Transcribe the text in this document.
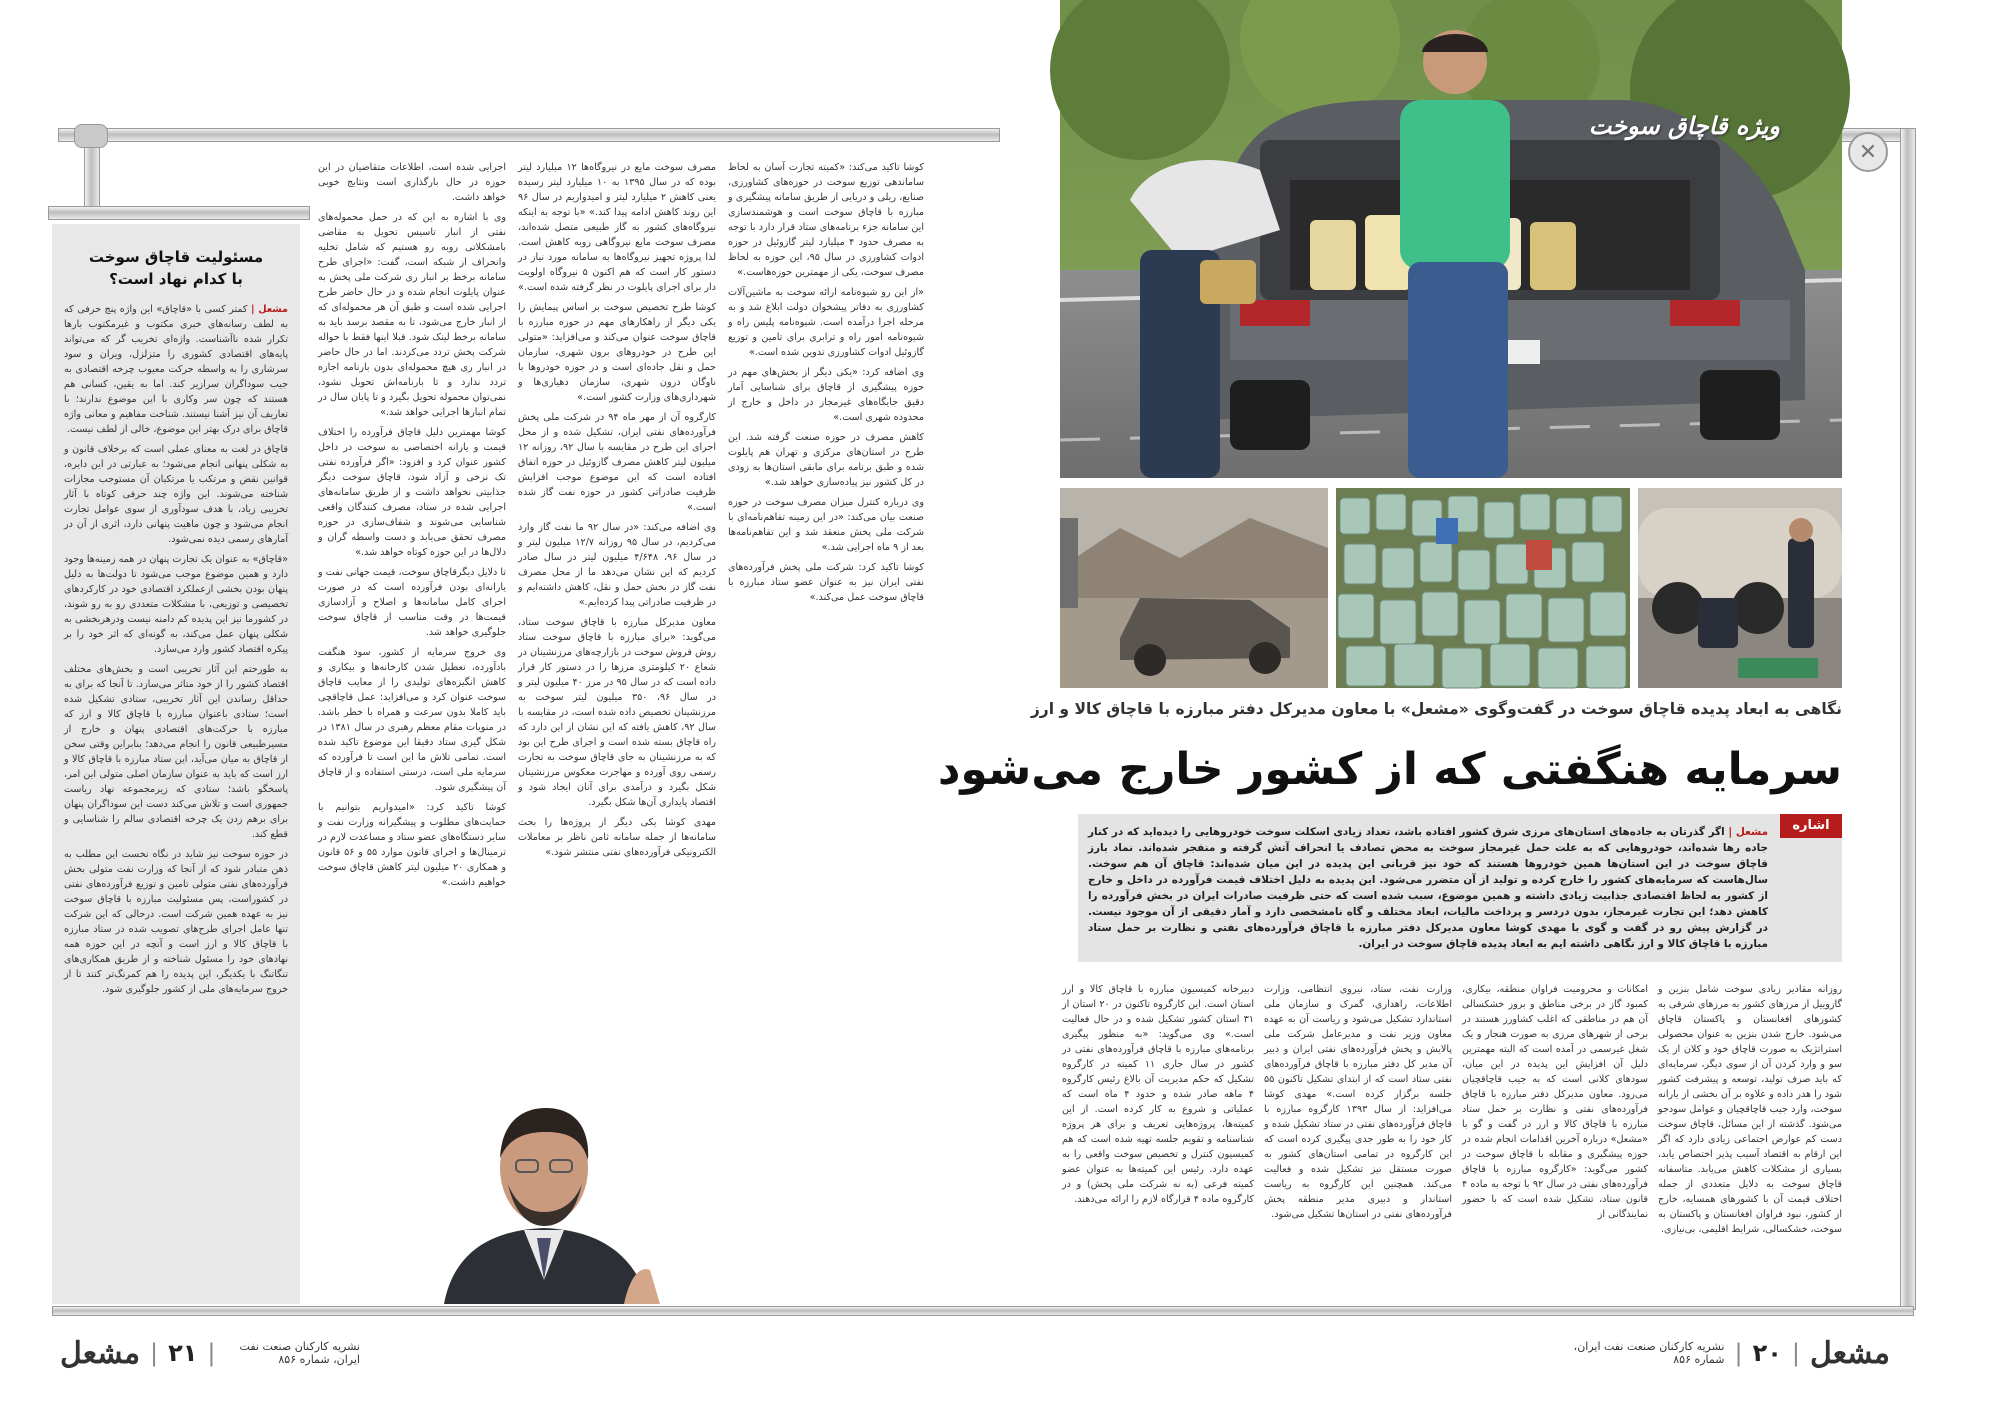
مسئولیت قاچاق سوخت
با کدام نهاد است؟

مشعل | کمتر کسی با «قاچاق» این واژه پنج حرفی که به لطف رسانه‌های خبری مکتوب و غیرمکتوب بارها تکرار شده ناآشناست. واژه‌ای تخریب گر که می‌تواند پایه‌های اقتصادی کشوری را متزلزل، ویران و سود سرشاری را به واسطه حرکت معیوب چرخه اقتصادی به جیب سوداگران سرازیر کند. اما به یقین، کسانی هم هستند که چون سر وکاری با این موضوع ندارند؛ با تعاریف آن نیز آشنا نیستند. شناخت مفاهیم و معانی واژه قاچاق برای درک بهتر این موضوع، خالی از لطف نیست.

قاچاق در لغت به معنای عملی است که برخلاف قانون و به شکلی پنهانی انجام می‌شود؛ به عبارتی در این دایره، قوانین نقض و مرتکب یا مرتکبان آن مستوجب مجازات شناخته می‌شوند. این واژه چند حرفی کوتاه با آثار تخریبی زیاد، با هدف سودآوری از سوی عوامل تجارت انجام می‌شود و چون ماهیت پنهانی دارد، اثری از آن در آمارهای رسمی دیده نمی‌شود.

«قاچاق» به عنوان یک تجارت پنهان در همه زمینه‌ها وجود دارد و همین موضوع موجب می‌شود تا دولت‌ها به دلیل پنهان بودن بخشی ازعملکرد اقتصادی خود در کارکردهای تخصیصی و توزیعی، با مشکلات متعددی رو به رو شوند، در کشورما نیز این پدیده کم دامنه نیست ودرهربخشی به شکلی پنهان عمل می‌کند، به گونه‌ای که اثر خود را بر پیکره اقتصاد کشور وارد می‌سازد.

به طورحتم این آثار تخریبی است و بخش‌های مختلف اقتصاد کشور را از خود متاثر می‌سازد. تا آنجا که برای به حداقل رساندن این آثار تخریبی، ستادی تشکیل شده است؛ ستادی باعنوان مبارزه با قاچاق کالا و ارز که مبارزه با حرکت‌های اقتصادی پنهان و خارج از مسیرطبیعی قانون را انجام می‌دهد؛ بنابراین وقتی سخن از قاچاق به میان می‌آید، این ستاد مبارزه با قاچاق کالا و ارز است که باید به عنوان سازمان اصلی متولی این امر، پاسخگو باشد؛ ستادی که زیرمجموعه نهاد ریاست جمهوری است و تلاش می‌کند دست این سوداگران پنهان برای برهم زدن یک چرخه اقتصادی سالم را شناسایی و قطع کند.

در حوزه سوخت نیز شاید در نگاه نخست این مطلب به ذهن متبادر شود که از آنجا که وزارت نفت متولی بخش فرآورده‌های نفتی متولی تامین و توزیع فرآورده‌های نفتی در کشوراست، پس مسئولیت مبارزه با قاچاق سوخت نیز به عهده همین شرکت است. درحالی که این شرکت تنها عامل اجرای طرح‌های تصویب شده در ستاد مبارزه با قاچاق کالا و ارز است و آنچه در این حوزه همه نهادهای خود را مسئول شناخته و از طریق همکاری‌های تنگاتنگ با یکدیگر، این پدیده را هم کمرنگ‌تر کنند تا از خروج سرمایه‌های ملی از کشور جلوگیری شود.

اجرایی شده است، اطلاعات متقاضیان در این حوزه در حال بارگذاری است ونتایج خوبی خواهد داشت.

وی با اشاره به این که در حمل محموله‌های نفتی از انبار تاسیس تحویل به مقاضی بامشکلاتی روبه رو هستیم که شامل تخلیه وانحراف از شبکه است، گفت: «اجرای طرح سامانه برخط بر انبار ری شرکت ملی پخش به عنوان پایلوت انجام شده و در حال حاضر طرح اجرایی شده است و طبق آن هر محموله‌ای که از انبار خارج می‌شود، تا به مقصد برسد باید به سامانه برخط لینک شود. قبلا اینها فقط با حواله شرکت پخش تردد می‌کردند. اما در حال حاضر در انبار ری هیچ محموله‌ای بدون بارنامه اجازه تردد ندارد و تا بارنامه‌اش تحویل نشود، نمی‌توان محموله تحویل بگیرد و تا پایان سال در تمام انبارها اجرایی خواهد شد.»

کوشا مهمترین دلیل قاچاق فرآورده را اختلاف قیمت و یارانه اختصاصی به سوخت در داخل کشور عنوان کرد و افزود: «اگر فرآورده نفتی تک نرخی و آزاد شود، قاچاق سوخت دیگر جذابیتی نخواهد داشت و از طریق سامانه‌های اجرایی شده در ستاد، مصرف کنندگان واقعی شناسایی می‌شوند و شفاف‌سازی در حوزه مصرف تحقق می‌یابد و دست واسطه گران و دلال‌ها در این حوزه کوتاه خواهد شد.»

تا دلایل دیگرقاچاق سوخت، قیمت جهانی نفت و یارانه‌ای بودن فرآورده است که در صورت اجرای کامل سامانه‌ها و اصلاح و آزادسازی قیمت‌ها در وقت مناسب از قاچاق سوخت جلوگیری خواهد شد.

وی خروج سرمایه از کشور، سود هنگفت بادآورده، تعطیل شدن کارخانه‌ها و بیکاری و کاهش انگیزه‌های تولیدی را از معایب قاچاق سوخت عنوان کرد و می‌افزاید: عمل قاچاقچی باید کاملا بدون سرعت و همراه با خطر باشد. در منویات مقام معظم رهبری در سال ۱۳۸۱ در شکل گیری ستاد دقیقا این موضوع تاکید شده است. تمامی تلاش ما این است تا فرآورده که سرمایه ملی است، درستی استفاده و از قاچاق آن پیشگیری شود.

کوشا تاکید کرد: «امیدواریم بتوانیم با حمایت‌های مطلوب و پیشگیرانه وزارت نفت و سایر دستگاه‌های عضو ستاد و مساعدت لازم در ترمینال‌ها و اجرای قانون موارد ۵۵ و ۵۶ قانون و همکاری ۲۰ میلیون لیتر کاهش قاچاق سوخت خواهیم داشت.»

مصرف سوخت مایع در نیروگاه‌ها ۱۲ میلیارد لیتر بوده که در سال ۱۳۹۵ به ۱۰ میلیارد لیتر رسیده یعنی کاهش ۲ میلیارد لیتر و امیدواریم در سال ۹۶ این روند کاهش ادامه پیدا کند.» «با توجه به اینکه نیروگاه‌های کشور به گاز طبیعی متصل شده‌اند، مصرف سوخت مایع نیروگاهی روبه کاهش است. لذا پروژه تجهیز نیروگاه‌ها به سامانه مورد نیاز در دستور کار است که هم اکنون ۵ نیروگاه اولویت دار برای اجرای پایلوت در نظر گرفته شده است.»

کوشا طرح تخصیص سوخت بر اساس پیمایش را یکی دیگر از راهکارهای مهم در حوزه مبارزه با قاچاق سوخت عنوان می‌کند و می‌افزاید: «متولی این طرح در خودروهای برون شهری، سازمان حمل و نقل جاده‌ای است و در حوزه خودروها با ناوگان درون شهری، سازمان دهیاری‌ها و شهرداری‌های وزارت کشور است.»

کارگروه آن از مهر ماه ۹۴ در شرکت ملی پخش فرآورده‌های نفتی ایران، تشکیل شده و از محل اجرای این طرح در مقایسه با سال ۹۲، روزانه ۱۲ میلیون لیتر کاهش مصرف گازوئیل در حوزه اتفاق افتاده است که این موضوع موجب افزایش ظرفیت صادراتی کشور در حوزه نفت گاز شده است.»

وی اضافه می‌کند: «در سال ۹۲ ما نفت گاز وارد می‌کردیم، در سال ۹۵ روزانه ۱۲/۷ میلیون لیتر و در سال ۹۶، ۴/۶۴۸ میلیون لیتر در سال صادر کردیم که این نشان می‌دهد ما از محل مصرف نفت گاز در بخش حمل و نقل، کاهش داشته‌ایم و در ظرفیت صادراتی پیدا کرده‌ایم.»

معاون مدیرکل مبارزه با قاچاق سوخت ستاد، می‌گوید: «برای مبارزه با قاچاق سوخت ستاد روش فروش سوخت در بازارچه‌های مرزنشینان در شعاع ۲۰ کیلومتری مرزها را در دستور کار قرار داده است که در سال ۹۵ در مرز ۴۰ میلیون لیتر و در سال ۹۶، ۳۵۰ میلیون لیتر سوخت به مرزنشینان تخصیص داده شده است، در مقایسه با سال ۹۲، کاهش یافته که این نشان از این دارد که راه قاچاق بسته شده است و اجرای طرح این بود که به مرزنشینان به جای قاچاق سوخت به تجارت رسمی روی آورده و مهاجرت معکوس مرزنشینان شکل بگیرد و درآمدی برای آنان ایجاد شود و اقتصاد پایداری آن‌ها شکل بگیرد.

مهدی کوشا یکی دیگر از پروژه‌ها را بحث سامانه‌ها از جمله سامانه ثامن ناظر بر معاملات الکترونیکی فرآورده‌های نفتی منتشر شود.»

کوشا تاکید می‌کند: «کمیته تجارت آسان به لحاظ ساماندهی توزیع سوخت در حوزه‌های کشاورزی، صنایع، ریلی و دریایی از طریق سامانه پیشگیری و مبارزه با قاچاق سوخت است و هوشمندسازی این سامانه جزء برنامه‌های ستاد قرار دارد با توجه به مصرف حدود ۴ میلیارد لیتر گازوئیل در حوزه ادوات کشاورزی در سال ۹۵، این حوزه به لحاظ مصرف سوخت، یکی از مهمترین حوزه‌هاست.»

«از این رو شیوه‌نامه ارائه سوخت به ماشین‌آلات کشاورزی به دفاتر پیشخوان دولت ابلاغ شد و به مرحله اجرا درآمده است. شیوه‌نامه پلیس راه و شیوه‌نامه امور راه و ترابری برای تامین و توزیع گازوئیل ادوات کشاورزی تدوین شده است.»

وی اضافه کرد: «یکی دیگر از بخش‌های مهم در حوزه پیشگیری از قاچاق برای شناسایی آمار دقیق جایگاه‌های غیرمجاز در داخل و خارج از محدوده شهری است.»

کاهش مصرف در حوزه صنعت گرفته شد. این طرح در استان‌های مرکزی و تهران هم پایلوت شده و طبق برنامه برای مابقی استان‌ها به زودی در کل کشور نیز پیاده‌سازی خواهد شد.»

وی درباره کنترل میزان مصرف سوخت در حوزه صنعت بیان می‌کند: «در این زمینه تفاهم‌نامه‌ای با شرکت ملی پخش منعقد شد و این تفاهم‌نامه‌ها بعد از ۹ ماه اجرایی شد.»

کوشا تاکید کرد: شرکت ملی پخش فرآورده‌های نفتی ایران نیز به عنوان عضو ستاد مبارزه با قاچاق سوخت عمل می‌کند.»

مشعل | ۲۱ |	نشریه کارکنان صنعت نفت ایران، شماره ۸۵۶
✕
ویژه قاچاق سوخت
نگاهی به ابعاد پدیده قاچاق سوخت در گفت‌وگوی «مشعل» با معاون مدیرکل دفتر مبارزه با قاچاق کالا و ارز
سرمایه هنگفتی که از کشور خارج می‌شود
اشاره
مشعل | اگر گذرتان به جاده‌های استان‌های مرزی شرق کشور افتاده باشد، تعداد زیادی اسکلت سوخت خودروهایی را دیده‌اید که در کنار جاده رها شده‌اند، خودروهایی که به علت حمل غیرمجاز سوخت به محض تصادف یا انحراف آتش گرفته و منفجر شده‌اند. نماد بارز قاچاق سوخت در این استان‌ها همین خودروها هستند که خود نیز قربانی این پدیده در این میان شده‌اند: قاچاق آن هم سوخت. سال‌هاست که سرمایه‌های کشور را خارج کرده و تولید از آن متضرر می‌شود. این پدیده به دلیل اختلاف قیمت فرآورده در داخل و خارج از کشور به لحاظ اقتصادی جذابیت زیادی داشته و همین موضوع، سبب شده است که حتی ظرفیت صادرات ایران در بخش فرآورده را کاهش دهد؛ این تجارت غیرمجاز، بدون دردسر و پرداخت مالیات، ابعاد مختلف و گاه نامشخصی دارد و آمار دقیقی از آن موجود نیست. در گزارش پیش رو در گفت و گوی با مهدی کوشا معاون مدیرکل دفتر مبارزه با قاچاق فرآورده‌های نفتی و نظارت بر حمل ستاد مبارزه با قاچاق کالا و ارز نگاهی داشته ایم به ابعاد پدیده قاچاق سوخت در ایران.

روزانه مقادیر زیادی سوخت شامل بنزین و گازوییل از مرزهای کشور به مرزهای شرقی به کشورهای افغانستان و پاکستان قاچاق می‌شود. خارج شدن بنزین به عنوان محصولی استراتژیک به صورت قاچاق خود و کلان از یک سو و وارد کردن آن از سوی دیگر، سرمایه‌ای که باید صرف تولید، توسعه و پیشرفت کشور شود را هدر داده و علاوه بر آن بخشی از یارانه سوخت، وارد جیب قاچاقچیان و عوامل سودجو می‌شود. گذشته از این مسائل، قاچاق سوخت دست کم عوارض اجتماعی زیادی دارد که اگر این ارقام به اقتصاد آسیب پذیر اختصاص یابد، بسیاری از مشکلات کاهش می‌یابد. متاسفانه قاچاق سوخت به دلایل متعددی از جمله اختلاف قیمت آن با کشورهای همسایه، خارج از کشور، نبود فراوان افغانستان و پاکستان به سوخت، خشکسالی، شرایط اقلیمی، بی‌نیازی.

امکانات و محرومیت فراوان منطقه، بیکاری، کمبود گاز در برخی مناطق و بروز خشکسالی آن هم در مناطقی که اغلب کشاورز هستند در برخی از شهرهای مرزی به صورت هنجار و یک شغل غیرسمی در آمده است که البته مهمترین دلیل آن افزایش این پدیده در این میان، سودهای کلانی است که به جیب قاچاقچیان می‌رود. معاون مدیرکل دفتر مبارزه با قاچاق فرآورده‌های نفتی و نظارت بر حمل ستاد مبارزه با قاچاق کالا و ارز در گفت و گو با «مشعل» درباره آخرین اقدامات انجام شده در حوزه پیشگیری و مقابله با قاچاق سوخت در کشور می‌گوید: «کارگروه مبارزه با قاچاق فرآورده‌های نفتی در سال ۹۲ با توجه به ماده ۴ قانون ستاد، تشکیل شده است که با حضور نمایندگانی از

وزارت نفت، ستاد، نیروی انتظامی، وزارت اطلاعات، راهداری، گمرک و سازمان ملی استاندارد تشکیل می‌شود و ریاست آن به عهده معاون وزیر نفت و مدیرعامل شرکت ملی پالایش و پخش فرآورده‌های نفتی ایران و دبیر آن مدیر کل دفتر مبارزه با قاچاق فرآورده‌های نفتی ستاد است که از ابتدای تشکیل تاکنون ۵۵ جلسه برگزار کرده است.» مهدی کوشا می‌افزاید: از سال ۱۳۹۳ کارگروه مبارزه با قاچاق فرآورده‌های نفتی در ستاد تشکیل شده و کار خود را به طور جدی پیگیری کرده است که این کارگروه در تمامی استان‌های کشور به صورت مستقل نیز تشکیل شده و فعالیت می‌کند. همچنین این کارگروه به ریاست استاندار و دبیری مدیر منطقه پخش فرآورده‌های نفتی در استان‌ها تشکیل می‌شود.

دبیرخانه کمیسیون مبارزه با قاچاق کالا و ارز استان است. این کارگروه تاکنون در ۲۰ استان از ۳۱ استان کشور تشکیل شده و در حال فعالیت است.» وی می‌گوید: «به منظور پیگیری برنامه‌های مبارزه با قاچاق فرآورده‌های نفتی در کشور در سال جاری ۱۱ کمیته در کارگروه تشکیل که حکم مدیریت آن بالاغ رئیس کارگروه ۴ ماهه صادر شده و حدود ۴ ماه است که عملیاتی و شروع به کار کرده است. از این کمیته‌ها، پروژه‌هایی تعریف و برای هر پروژه شناسنامه و تقویم جلسه تهیه شده است که هم کمیسیون کنترل و تخصیص سوخت واقعی را به عهده دارد. رئیس این کمیته‌ها به عنوان عضو کمیته فرعی (به نه شرکت ملی پخش) و در کارگروه ماده ۴ قرارگاه لازم را ارائه می‌دهند.

مشعل
|
۲۰
|
نشریه کارکنان صنعت نفت ایران، شماره ۸۵۶
